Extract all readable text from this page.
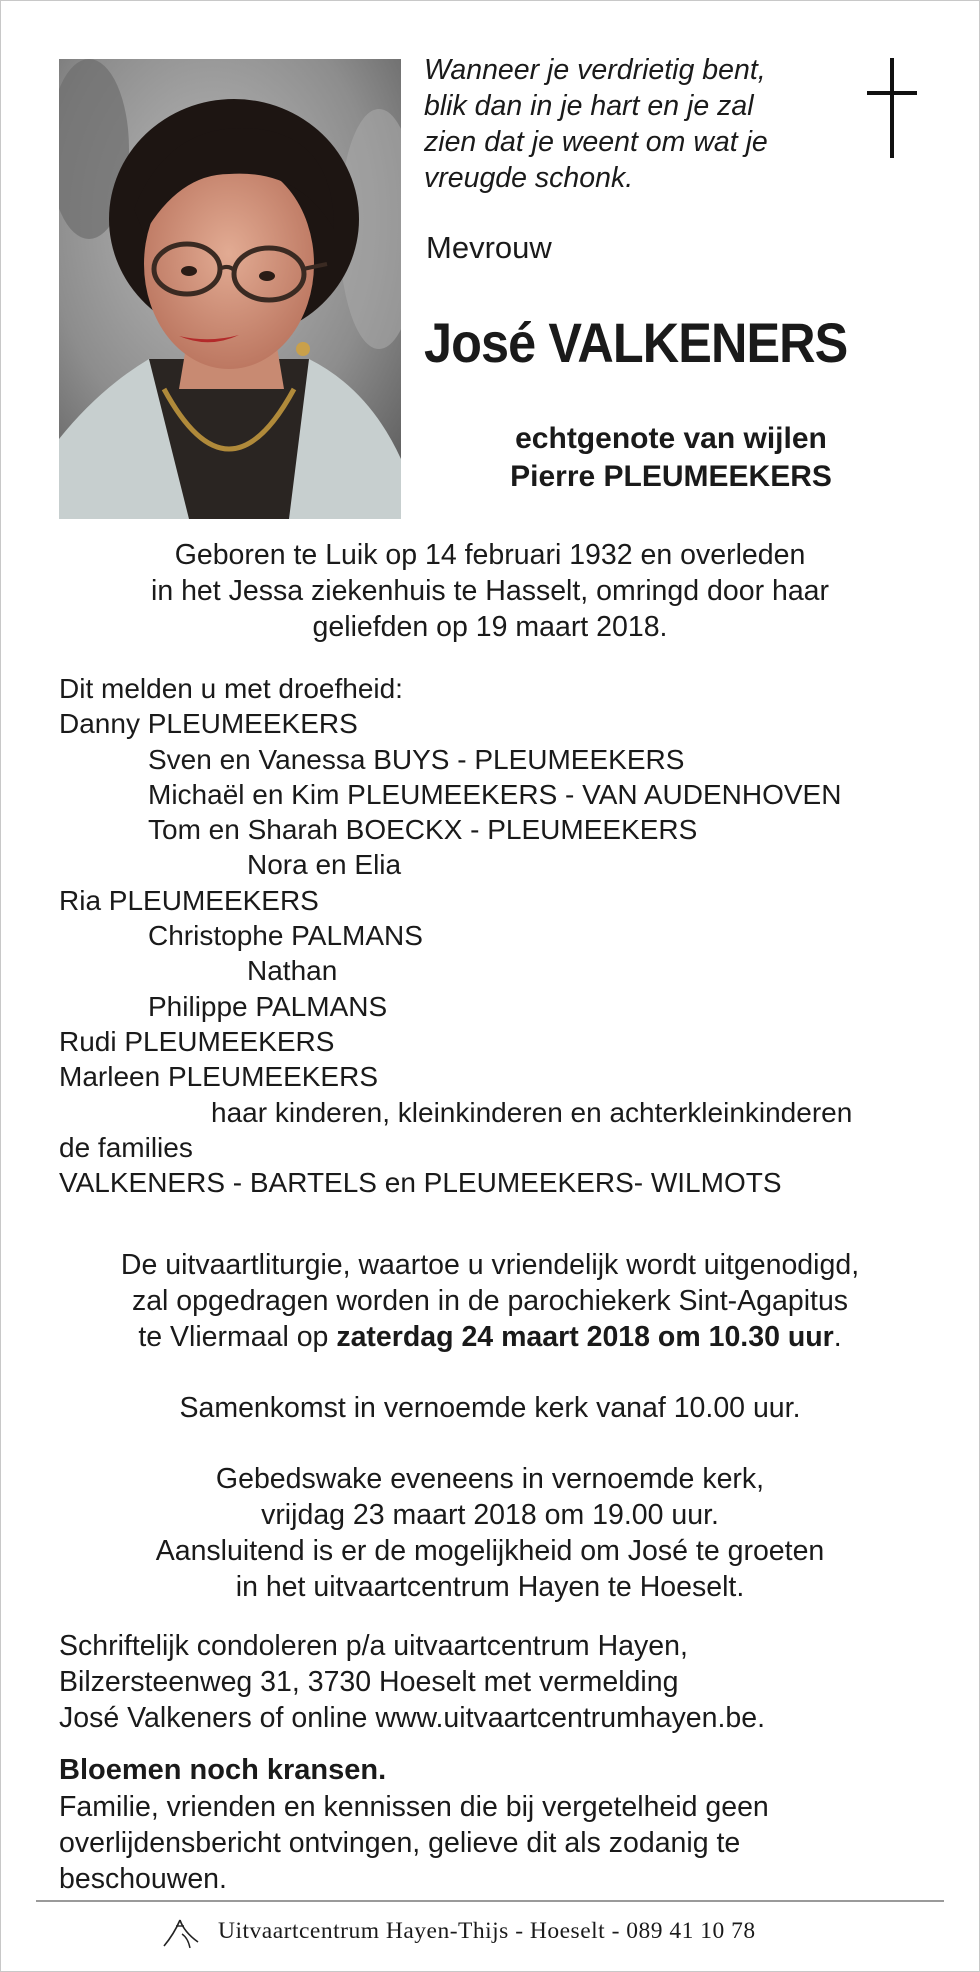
Wanneer je verdrietig bent,
blik dan in je hart en je zal
zien dat je weent om wat je
vreugde schonk.
Mevrouw
José VALKENERS
echtgenote van wijlen
Pierre PLEUMEEKERS
Geboren te Luik op 14 februari 1932 en overleden
in het Jessa ziekenhuis te Hasselt, omringd door haar
geliefden op 19 maart 2018.
Dit melden u met droefheid:
Danny PLEUMEEKERS
Sven en Vanessa BUYS - PLEUMEEKERS
Michaël en Kim PLEUMEEKERS - VAN AUDENHOVEN
Tom en Sharah BOECKX - PLEUMEEKERS
Nora en Elia
Ria PLEUMEEKERS
Christophe PALMANS
Nathan
Philippe PALMANS
Rudi PLEUMEEKERS
Marleen PLEUMEEKERS
haar kinderen, kleinkinderen en achterkleinkinderen
de families
VALKENERS - BARTELS en PLEUMEEKERS- WILMOTS
De uitvaartliturgie, waartoe u vriendelijk wordt uitgenodigd,
zal opgedragen worden in de parochiekerk Sint-Agapitus
te Vliermaal op zaterdag 24 maart 2018 om 10.30 uur.
Samenkomst in vernoemde kerk vanaf 10.00 uur.
Gebedswake eveneens in vernoemde kerk,
vrijdag 23 maart 2018 om 19.00 uur.
Aansluitend is er de mogelijkheid om José te groeten
in het uitvaartcentrum Hayen te Hoeselt.
Schriftelijk condoleren p/a uitvaartcentrum Hayen,
Bilzersteenweg 31, 3730 Hoeselt met vermelding
José Valkeners of online www.uitvaartcentrumhayen.be.
Bloemen noch kransen.
Familie, vrienden en kennissen die bij vergetelheid geen
overlijdensbericht ontvingen, gelieve dit als zodanig te
beschouwen.
Uitvaartcentrum Hayen-Thijs - Hoeselt - 089 41 10 78
